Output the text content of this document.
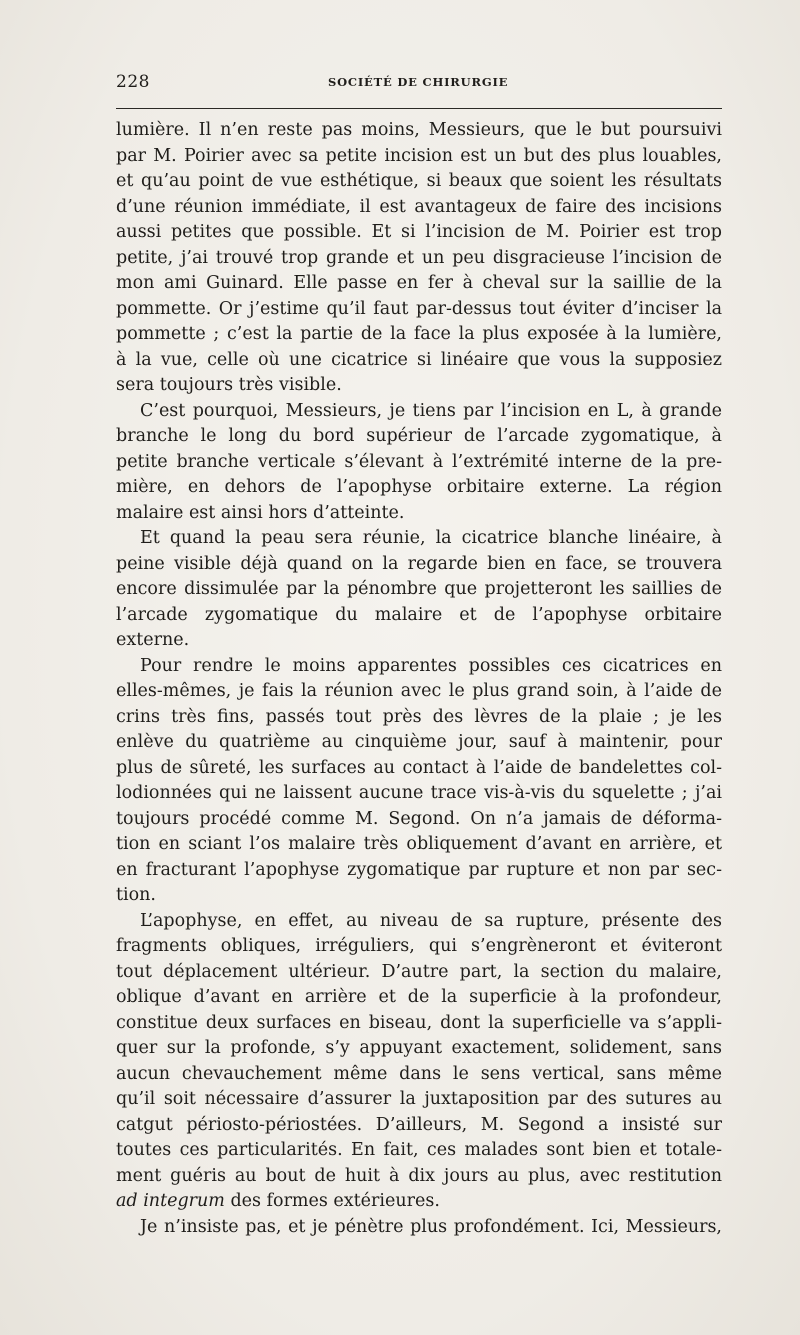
228	SOCIÉTÉ DE CHIRURGIE
lumière. Il n’en reste pas moins, Messieurs, que le but poursuivi
par M. Poirier avec sa petite incision est un but des plus louables,
et qu’au point de vue esthétique, si beaux que soient les résultats
d’une réunion immédiate, il est avantageux de faire des incisions
aussi petites que possible. Et si l’incision de M. Poirier est trop
petite, j’ai trouvé trop grande et un peu disgracieuse l’incision de
mon ami Guinard. Elle passe en fer à cheval sur la saillie de la
pommette. Or j’estime qu’il faut par-dessus tout éviter d’inciser la
pommette ; c’est la partie de la face la plus exposée à la lumière,
à la vue, celle où une cicatrice si linéaire que vous la supposiez
sera toujours très visible.
C’est pourquoi, Messieurs, je tiens par l’incision en L, à grande
branche le long du bord supérieur de l’arcade zygomatique, à
petite branche verticale s’élevant à l’extrémité interne de la pre-
mière, en dehors de l’apophyse orbitaire externe. La région
malaire est ainsi hors d’atteinte.
Et quand la peau sera réunie, la cicatrice blanche linéaire, à
peine visible déjà quand on la regarde bien en face, se trouvera
encore dissimulée par la pénombre que projetteront les saillies de
l’arcade zygomatique du malaire et de l’apophyse orbitaire
externe.
Pour rendre le moins apparentes possibles ces cicatrices en
elles-mêmes, je fais la réunion avec le plus grand soin, à l’aide de
crins très fins, passés tout près des lèvres de la plaie ; je les
enlève du quatrième au cinquième jour, sauf à maintenir, pour
plus de sûreté, les surfaces au contact à l’aide de bandelettes col-
lodionnées qui ne laissent aucune trace vis-à-vis du squelette ; j’ai
toujours procédé comme M. Segond. On n’a jamais de déforma-
tion en sciant l’os malaire très obliquement d’avant en arrière, et
en fracturant l’apophyse zygomatique par rupture et non par sec-
tion.
L’apophyse, en effet, au niveau de sa rupture, présente des
fragments obliques, irréguliers, qui s’engrèneront et éviteront
tout déplacement ultérieur. D’autre part, la section du malaire,
oblique d’avant en arrière et de la superficie à la profondeur,
constitue deux surfaces en biseau, dont la superficielle va s’appli-
quer sur la profonde, s’y appuyant exactement, solidement, sans
aucun chevauchement même dans le sens vertical, sans même
qu’il soit nécessaire d’assurer la juxtaposition par des sutures au
catgut périosto-périostées. D’ailleurs, M. Segond a insisté sur
toutes ces particularités. En fait, ces malades sont bien et totale-
ment guéris au bout de huit à dix jours au plus, avec restitution
ad integrum des formes extérieures.
Je n’insiste pas, et je pénètre plus profondément. Ici, Messieurs,
